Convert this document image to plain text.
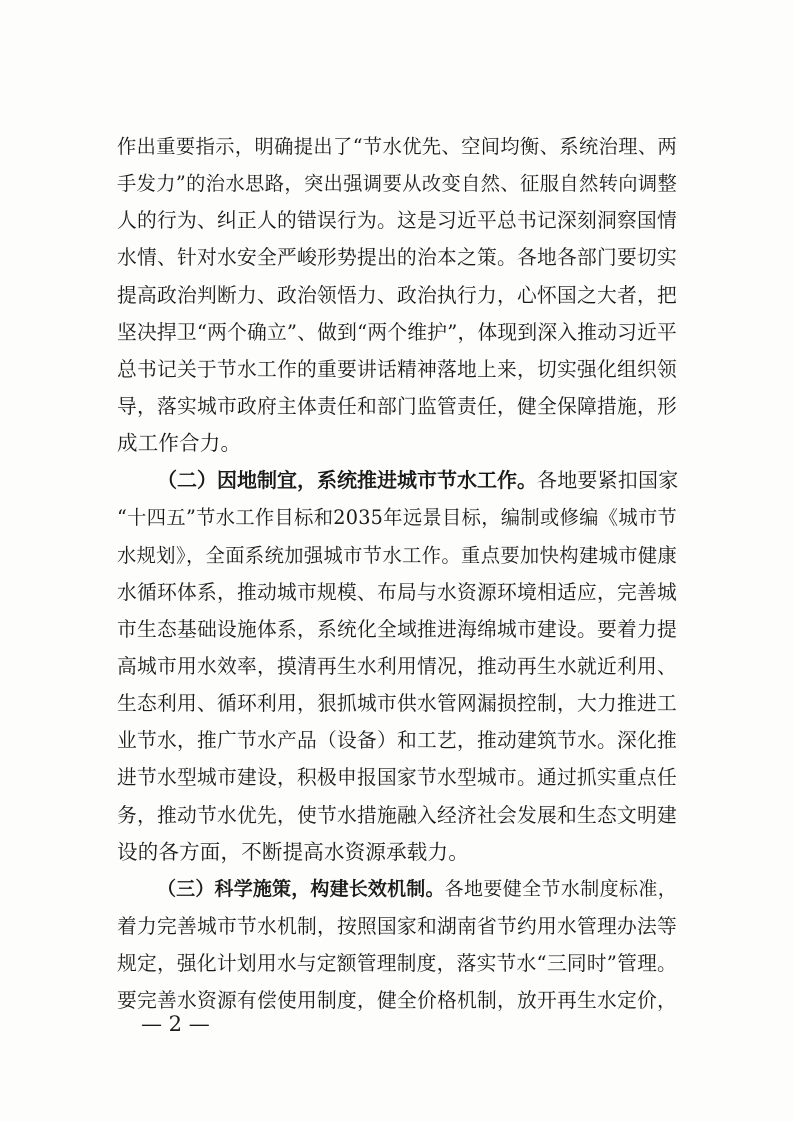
作出重要指示，明确提出了“节水优先、空间均衡、系统治理、两
手发力”的治水思路，突出强调要从改变自然、征服自然转向调整
人的行为、纠正人的错误行为。这是习近平总书记深刻洞察国情
水情、针对水安全严峻形势提出的治本之策。各地各部门要切实
提高政治判断力、政治领悟力、政治执行力，心怀国之大者，把
坚决捍卫“两个确立”、做到“两个维护”，体现到深入推动习近平
总书记关于节水工作的重要讲话精神落地上来，切实强化组织领
导，落实城市政府主体责任和部门监管责任，健全保障措施，形
成工作合力。
（二）因地制宜，系统推进城市节水工作。各地要紧扣国家
“十四五”节水工作目标和2035年远景目标，编制或修编《城市节
水规划》，全面系统加强城市节水工作。重点要加快构建城市健康
水循环体系，推动城市规模、布局与水资源环境相适应，完善城
市生态基础设施体系，系统化全域推进海绵城市建设。要着力提
高城市用水效率，摸清再生水利用情况，推动再生水就近利用、
生态利用、循环利用，狠抓城市供水管网漏损控制，大力推进工
业节水，推广节水产品（设备）和工艺，推动建筑节水。深化推
进节水型城市建设，积极申报国家节水型城市。通过抓实重点任
务，推动节水优先，使节水措施融入经济社会发展和生态文明建
设的各方面，不断提高水资源承载力。
（三）科学施策，构建长效机制。各地要健全节水制度标准，
着力完善城市节水机制，按照国家和湖南省节约用水管理办法等
规定，强化计划用水与定额管理制度，落实节水“三同时”管理。
要完善水资源有偿使用制度，健全价格机制，放开再生水定价，
— 2 —
